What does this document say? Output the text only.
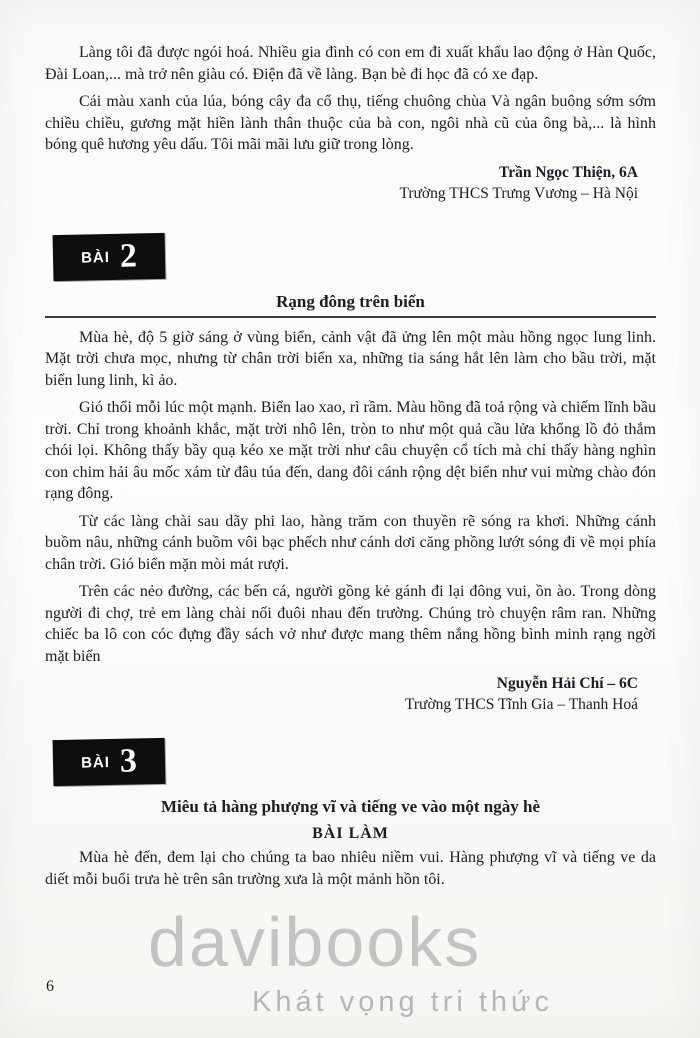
Làng tôi đã được ngói hoá. Nhiều gia đình có con em đi xuất khẩu lao động ở Hàn Quốc, Đài Loan,... mà trở nên giàu có. Điện đã về làng. Bạn bè đi học đã có xe đạp.

Cái màu xanh của lúa, bóng cây đa cổ thụ, tiếng chuông chùa Và ngân buông sớm sớm chiều chiều, gương mặt hiền lành thân thuộc của bà con, ngôi nhà cũ của ông bà,... là hình bóng quê hương yêu dấu. Tôi mãi mãi lưu giữ trong lòng.

Trần Ngọc Thiện, 6A
Trường THCS Trưng Vương – Hà Nội
BÀI 2
Rạng đông trên biển

Mùa hè, độ 5 giờ sáng ở vùng biển, cảnh vật đã ửng lên một màu hồng ngọc lung linh. Mặt trời chưa mọc, nhưng từ chân trời biển xa, những tia sáng hắt lên làm cho bầu trời, mặt biển lung linh, kì ảo.

Gió thổi mỗi lúc một mạnh. Biển lao xao, rì rầm. Màu hồng đã toả rộng và chiếm lĩnh bầu trời. Chỉ trong khoảnh khắc, mặt trời nhô lên, tròn to như một quả cầu lửa khổng lồ đỏ thắm chói lọi. Không thấy bầy quạ kéo xe mặt trời như câu chuyện cổ tích mà chỉ thấy hàng nghìn con chim hải âu mốc xám từ đâu túa đến, dang đôi cánh rộng dệt biển như vui mừng chào đón rạng đông.

Từ các làng chài sau dãy phi lao, hàng trăm con thuyền rẽ sóng ra khơi. Những cánh buồm nâu, những cánh buồm vôi bạc phếch như cánh dơi căng phồng lướt sóng đi về mọi phía chân trời. Gió biển mặn mòi mát rượi.

Trên các nẻo đường, các bến cá, người gồng kẻ gánh đi lại đông vui, ồn ào. Trong dòng người đi chợ, trẻ em làng chài nối đuôi nhau đến trường. Chúng trò chuyện râm ran. Những chiếc ba lô con cóc đựng đầy sách vở như được mang thêm nắng hồng bình minh rạng ngời mặt biển

Nguyễn Hải Chí – 6C
Trường THCS Tĩnh Gia – Thanh Hoá
BÀI 3
Miêu tả hàng phượng vĩ và tiếng ve vào một ngày hè
BÀI LÀM

Mùa hè đến, đem lại cho chúng ta bao nhiêu niềm vui. Hàng phượng vĩ và tiếng ve da diết mỗi buổi trưa hè trên sân trường xưa là một mảnh hồn tôi.

6
davibooks
Khát vọng tri thức
